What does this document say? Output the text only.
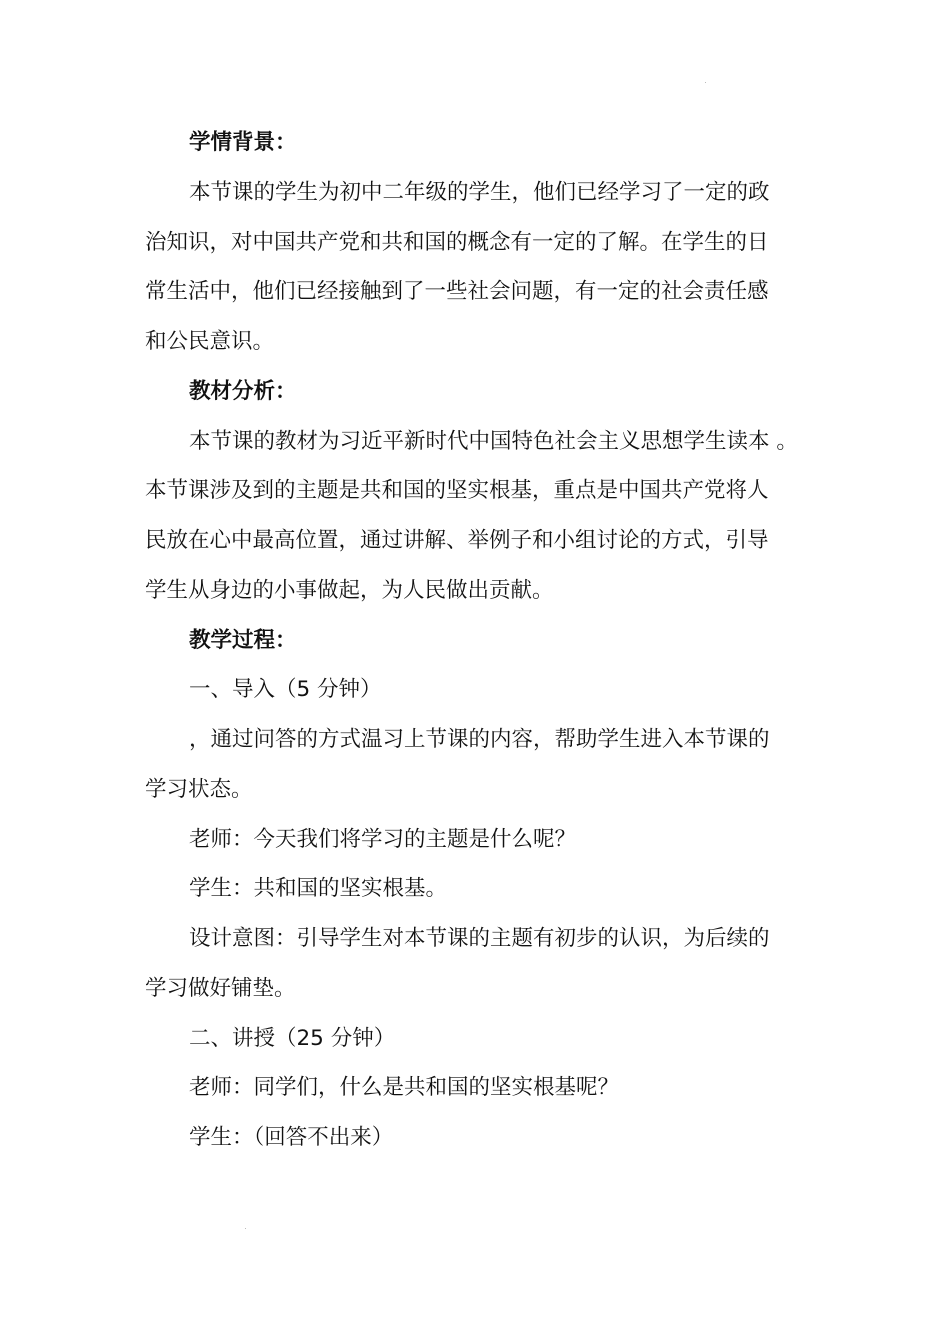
学情背景：
本节课的学生为初中二年级的学生，他们已经学习了一定的政
治知识，对中国共产党和共和国的概念有一定的了解。在学生的日
常生活中，他们已经接触到了一些社会问题，有一定的社会责任感
和公民意识。
教材分析：
本节课的教材为习近平新时代中国特色社会主义思想学生读本 。
本节课涉及到的主题是共和国的坚实根基，重点是中国共产党将人
民放在心中最高位置，通过讲解、举例子和小组讨论的方式，引导
学生从身边的小事做起，为人民做出贡献。
教学过程：
一、导入（5 分钟）
，通过问答的方式温习上节课的内容，帮助学生进入本节课的
学习状态。
老师：今天我们将学习的主题是什么呢？
学生：共和国的坚实根基。
设计意图：引导学生对本节课的主题有初步的认识，为后续的
学习做好铺垫。
二、讲授（25 分钟）
老师：同学们，什么是共和国的坚实根基呢？
学生：（回答不出来）
